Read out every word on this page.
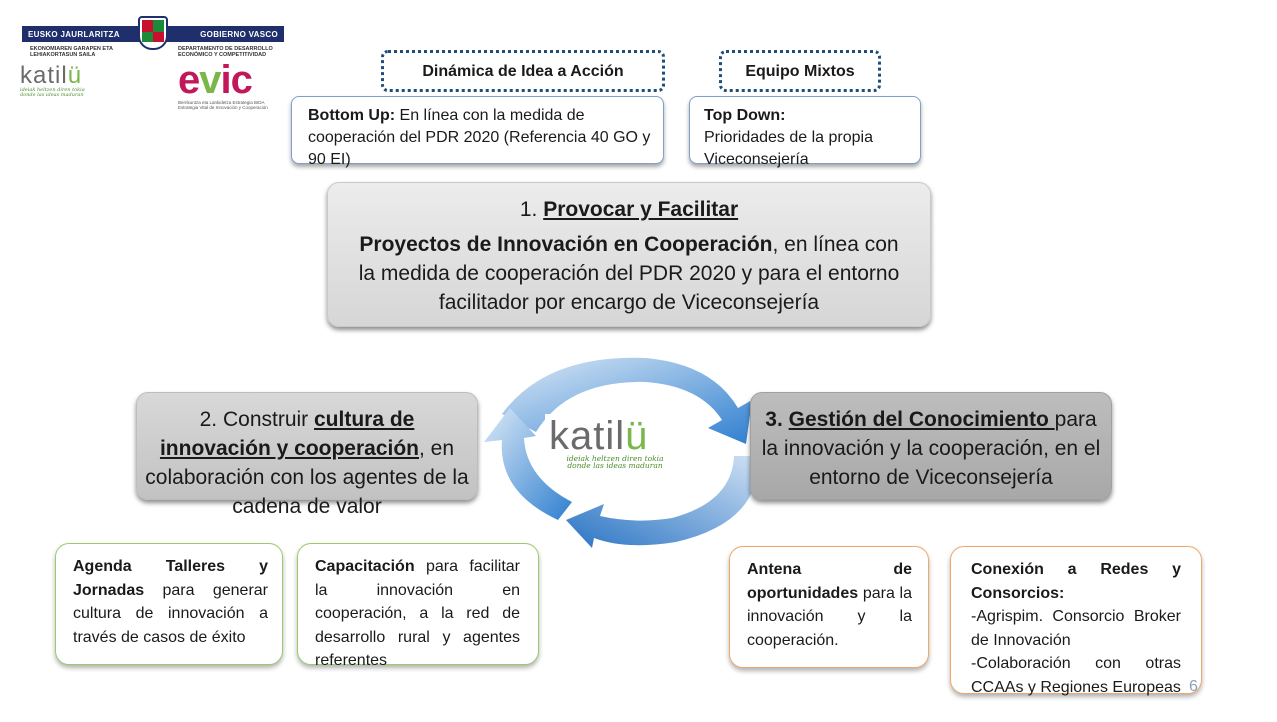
EUSKO JAURLARITZA	GOBIERNO VASCO
EKONOMIAREN GARAPEN ETA LEHIAKORTASUN SAILA
DEPARTAMENTO DE DESARROLLO ECONÓMICO Y COMPETITIVIDAD
katilü
ideiak heltzen diren tokia
donde las ideas maduran	evic
Berrikuntza eta Lankidetza Estrategia BIDA
Estrategia Vital de Innovación y Cooperación
Dinámica de Idea a Acción	Equipo Mixtos
Bottom Up: En línea con la medida de cooperación del PDR 2020 (Referencia 40 GO y 90 EI)
Top Down:
Prioridades de la propia Viceconsejería
katilü
ideiak heltzen diren tokia
donde las ideas maduran
1. Provocar y Facilitar
Proyectos de Innovación en Cooperación, en línea con la medida de cooperación del PDR 2020 y para el entorno facilitador por encargo de Viceconsejería
2. Construir cultura de innovación y cooperación, en colaboración con los agentes de la cadena de valor
3. Gestión del Conocimiento para la innovación y la cooperación, en el entorno de Viceconsejería
Agenda Talleres y Jornadas para generar cultura de innovación a través de casos de éxito
Capacitación para facilitar la innovación en cooperación, a la red de desarrollo rural y agentes referentes
Antena de oportunidades para la innovación y la cooperación.
Conexión a Redes y Consorcios:
-Agrispim. Consorcio Broker de Innovación
-Colaboración con otras CCAAs y Regiones Europeas 6
